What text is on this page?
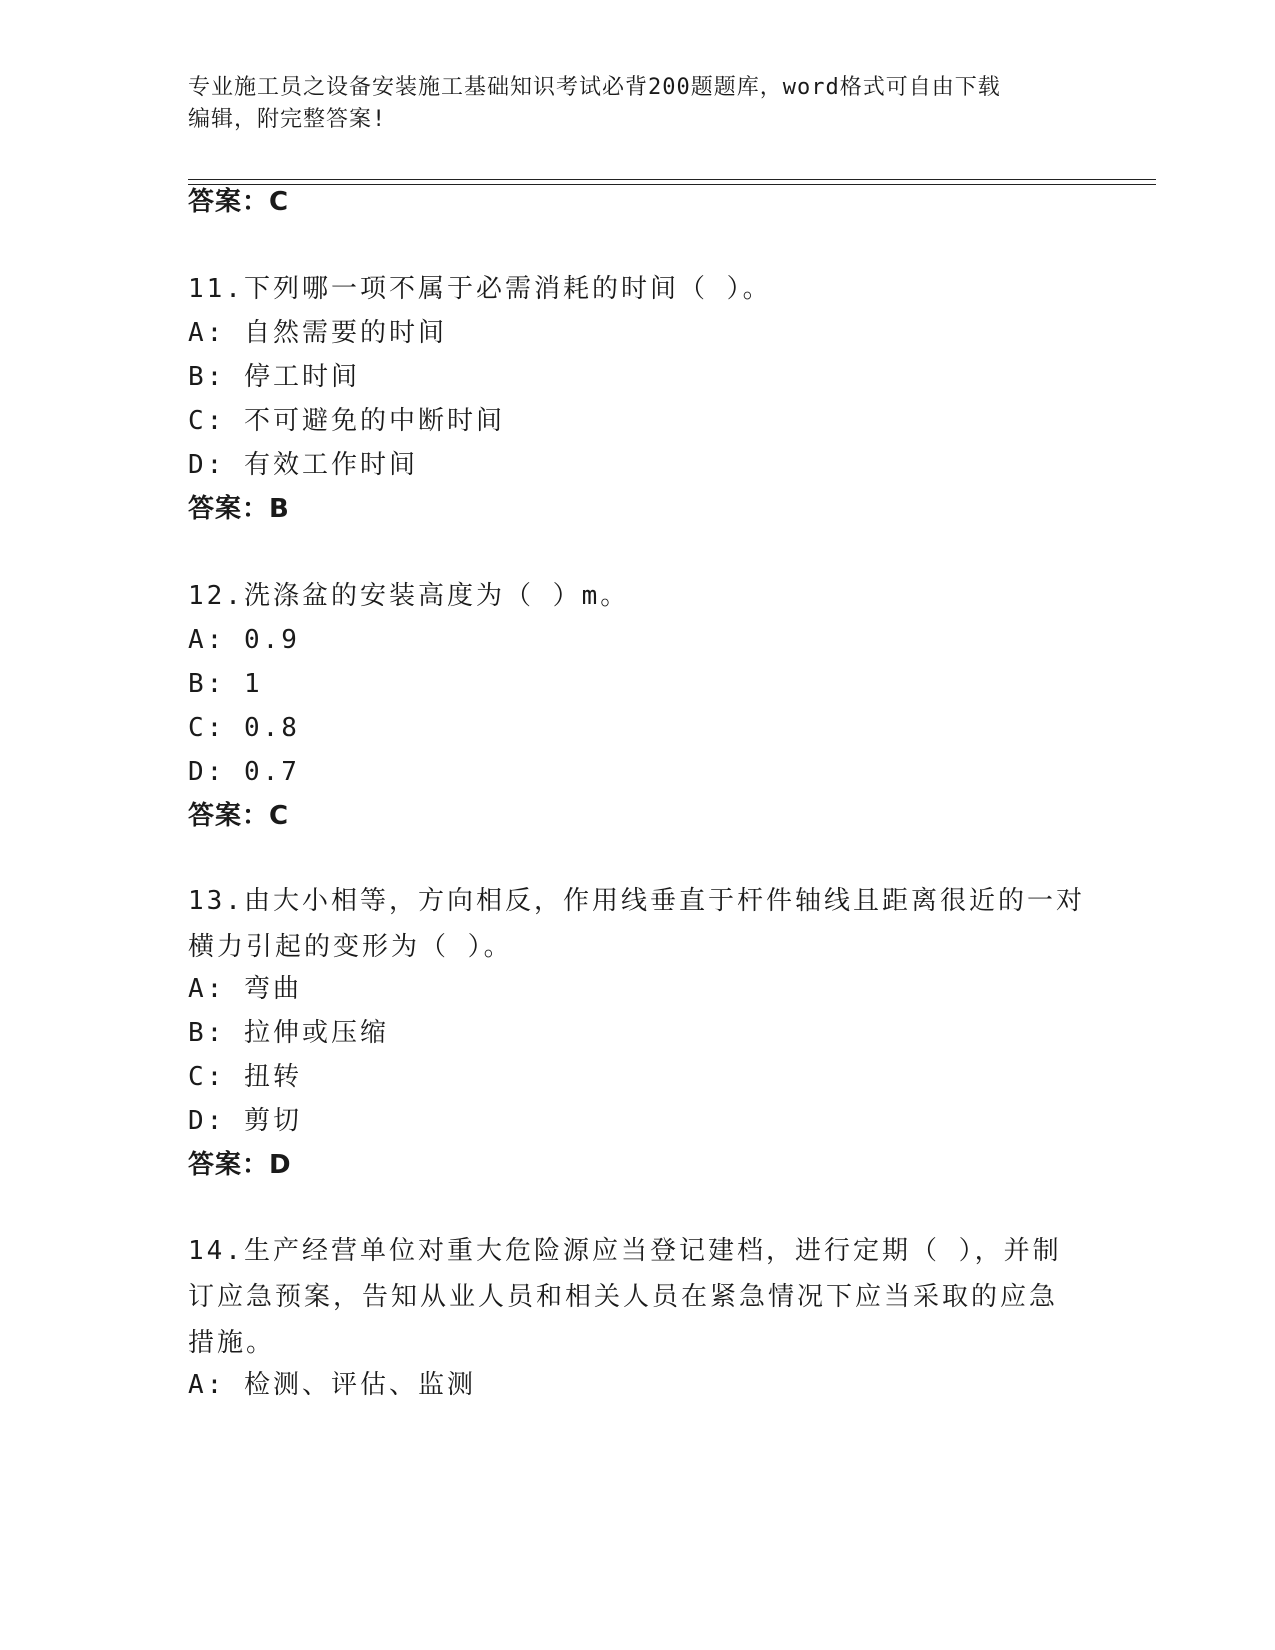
专业施工员之设备安装施工基础知识考试必背200题题库，word格式可自由下载
编辑，附完整答案!
答案：C
11.下列哪一项不属于必需消耗的时间（ ）。
A: 自然需要的时间
B: 停工时间
C: 不可避免的中断时间
D: 有效工作时间
答案：B
12.洗涤盆的安装高度为（ ）m。
A: 0.9
B: 1
C: 0.8
D: 0.7
答案：C
13.由大小相等，方向相反，作用线垂直于杆件轴线且距离很近的一对
横力引起的变形为（ ）。
A: 弯曲
B: 拉伸或压缩
C: 扭转
D: 剪切
答案：D
14.生产经营单位对重大危险源应当登记建档，进行定期（ ），并制
订应急预案，告知从业人员和相关人员在紧急情况下应当采取的应急
措施。
A: 检测、评估、监测
